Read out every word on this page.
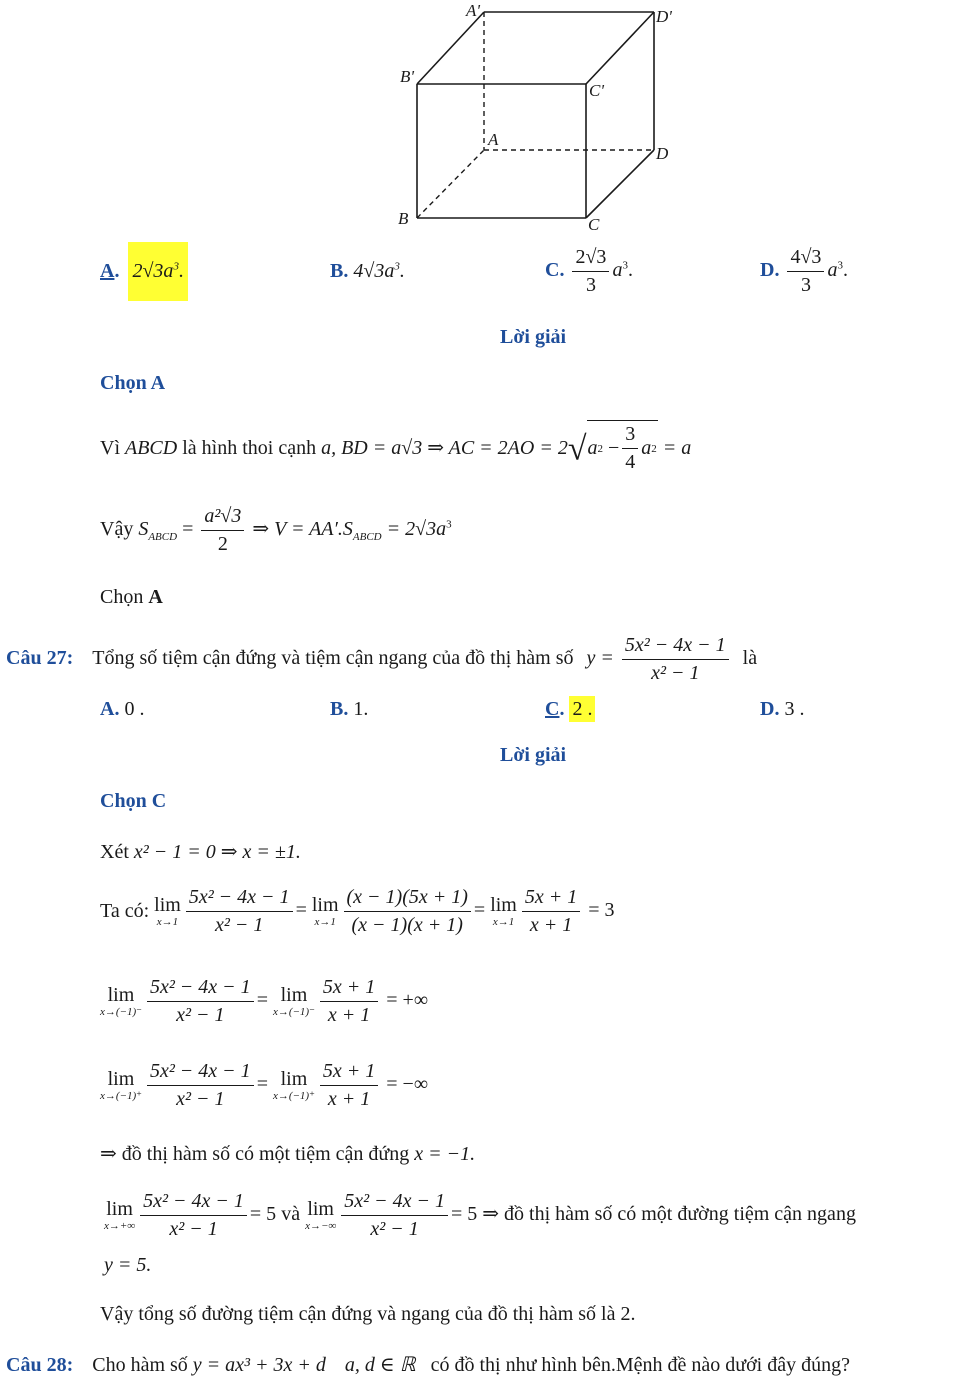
A'	D'
B'
C'
A
D
B	C
A. $2√3a^3$.	B. $4√3a^3$.	C. $\frac{2√3}{3} a^3$.	D. $\frac{4√3}{3} a^3$.
Lời giải
Chọn A
Vì ABCD là hình thoi cạnh a, BD = a√3 ⇒ AC = 2AO = 2√ a $2 - \frac{3}{4}$ a 2 = a
Vậy $S_{ABCD} = \frac{\text{a²√3}}{2}$ ⇒ $V = AA'.S_{ABCD} = 2√3a^3$
Chọn A
Câu 27: Tổng số tiệm cận đứng và tiệm cận ngang của đồ thị hàm số $y = \frac{\text{5x² − 4x − 1}}{\text{x² − 1}}$ là
A. 0 .	B. 1.	C. 2 .	D. 3 .
Lời giải
Chọn C
Xét x² − 1 = 0 ⇒ x = ±1.
Ta có: lim
$x\to 1 \frac{\text{5x² − 4x − 1}}{\text{x² − 1}} = \lim$
$x\to 1 \frac{(x - 1)(5x + 1)}{(x - 1)(x + 1)} = \lim$
$x\to 1 \frac{5x + 1}{x + 1} = 3$
lim
$x\to(-1)^- \frac{\text{5x² − 4x − 1}}{\text{x² − 1}} = \lim$
$x\to(-1)^- \frac{5x + 1}{x + 1}$ = +∞
lim
$x\to(-1)^+ \frac{\text{5x² − 4x − 1}}{\text{x² − 1}} = \lim$
$x\to(-1)^+ \frac{5x + 1}{x + 1}$ = −∞
⇒ đồ thị hàm số có một tiệm cận đứng x = −1.
lim
$x\to+\infty \frac{\text{5x² − 4x − 1}}{\text{x² − 1}} = 5$ và lim
$x\to-\infty \frac{\text{5x² − 4x − 1}}{\text{x² − 1}} = 5$ ⇒ đồ thị hàm số có một đường tiệm cận ngang
y = 5.
Vậy tổng số đường tiệm cận đứng và ngang của đồ thị hàm số là 2.
Câu 28: Cho hàm số y = ax³ + 3x + d a, d ∈ ℝ có đồ thị như hình bên.Mệnh đề nào dưới đây đúng?
